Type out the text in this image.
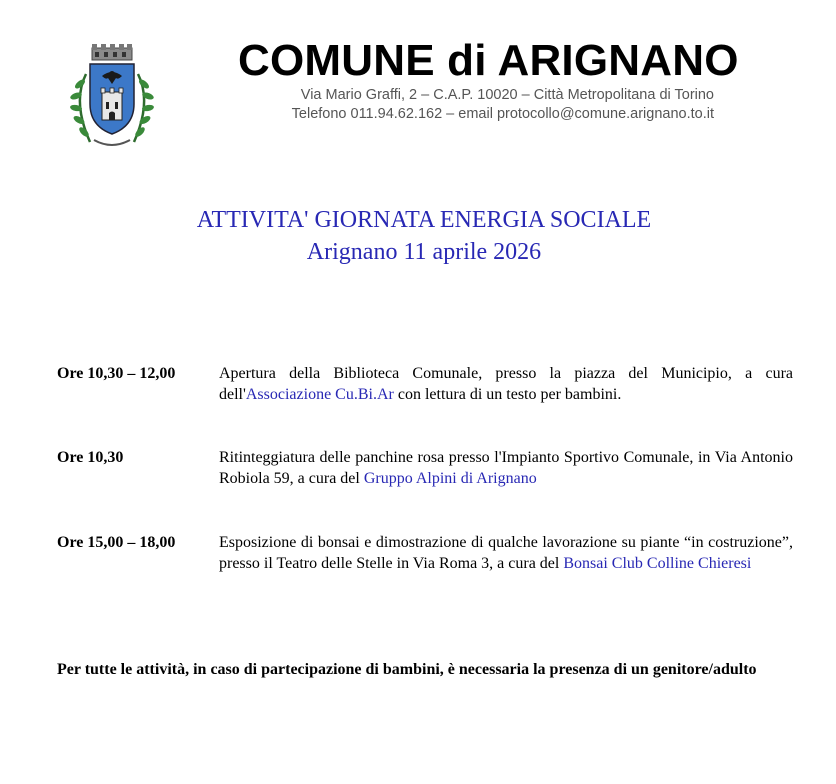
COMUNE di ARIGNANO
Via Mario Graffi, 2 – C.A.P. 10020 – Città Metropolitana di Torino
Telefono 011.94.62.162 – email protocollo@comune.arignano.to.it
ATTIVITA' GIORNATA ENERGIA SOCIALE
Arignano 11 aprile 2026
Ore 10,30 – 12,00	Apertura della Biblioteca Comunale, presso la piazza del Municipio, a cura dell'Associazione Cu.Bi.Ar con lettura di un testo per bambini.
Ore 10,30	Ritinteggiatura delle panchine rosa presso l'Impianto Sportivo Comunale, in Via Antonio Robiola 59, a cura del Gruppo Alpini di Arignano
Ore 15,00 – 18,00	Esposizione di bonsai e dimostrazione di qualche lavorazione su piante “in costruzione”, presso il Teatro delle Stelle in Via Roma 3, a cura del Bonsai Club Colline Chieresi
Per tutte le attività, in caso di partecipazione di bambini, è necessaria la presenza di un genitore/adulto
